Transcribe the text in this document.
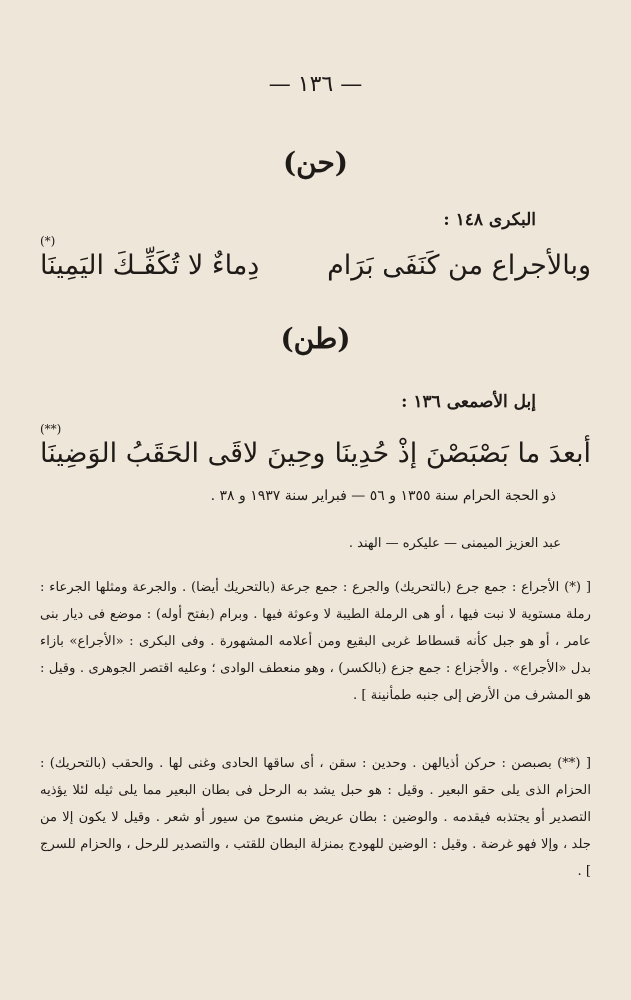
— ١٣٦ —
(حن)
البكرى ١٤٨ :
(*)
وبالأجراع من كَنَفَى بَرَام
دِماءٌ لا تُكَفِّـكَ اليَمِينَا
(طن)
إبل الأصمعى ١٣٦ :
(**)
أبعدَ ما بَصْبَصْنَ إذْ حُدِينَا
وحِينَ لاقَى الحَقَبُ الوَضِينَا
ذو الحجة الحرام سنة ١٣٥٥ و ٥٦ — فبراير سنة ١٩٣٧ و ٣٨ .
عبد العزيز الميمنى — عليكره — الهند .
[ (*) الأجراع : جمع جرع (بالتحريك) والجرع : جمع جرعة (بالتحريك أيضا) . والجرعة ومثلها الجرعاء : رملة مستوية لا نبت فيها ، أو هى الرملة الطيبة لا وعوثة فيها . وبرام (بفتح أوله) : موضع فى ديار بنى عامر ، أو هو جبل كأنه قسطاط غربى البقيع ومن أعلامه المشهورة . وفى البكرى : «الأجراع» بازاء بدل «الأجراع» . والأجزاع : جمع جزع (بالكسر) ، وهو منعطف الوادى ؛ وعليه اقتصر الجوهرى . وقيل : هو المشرف من الأرض إلى جنبه طمأنينة ] .
[ (**) بصبصن : حركن أذيالهن . وحدين : سقن ، أى ساقها الحادى وغنى لها . والحقب (بالتحريك) : الحزام الذى يلى حقو البعير . وقيل : هو حبل يشد به الرحل فى بطان البعير مما يلى ثيله لئلا يؤذيه التصدير أو يجتذبه فيقدمه . والوضين : بطان عريض منسوج من سيور أو شعر . وقيل لا يكون إلا من جلد ، وإلا فهو غرضة . وقيل : الوضين للهودج بمنزلة البطان للقتب ، والتصدير للرحل ، والحزام للسرج ] .
